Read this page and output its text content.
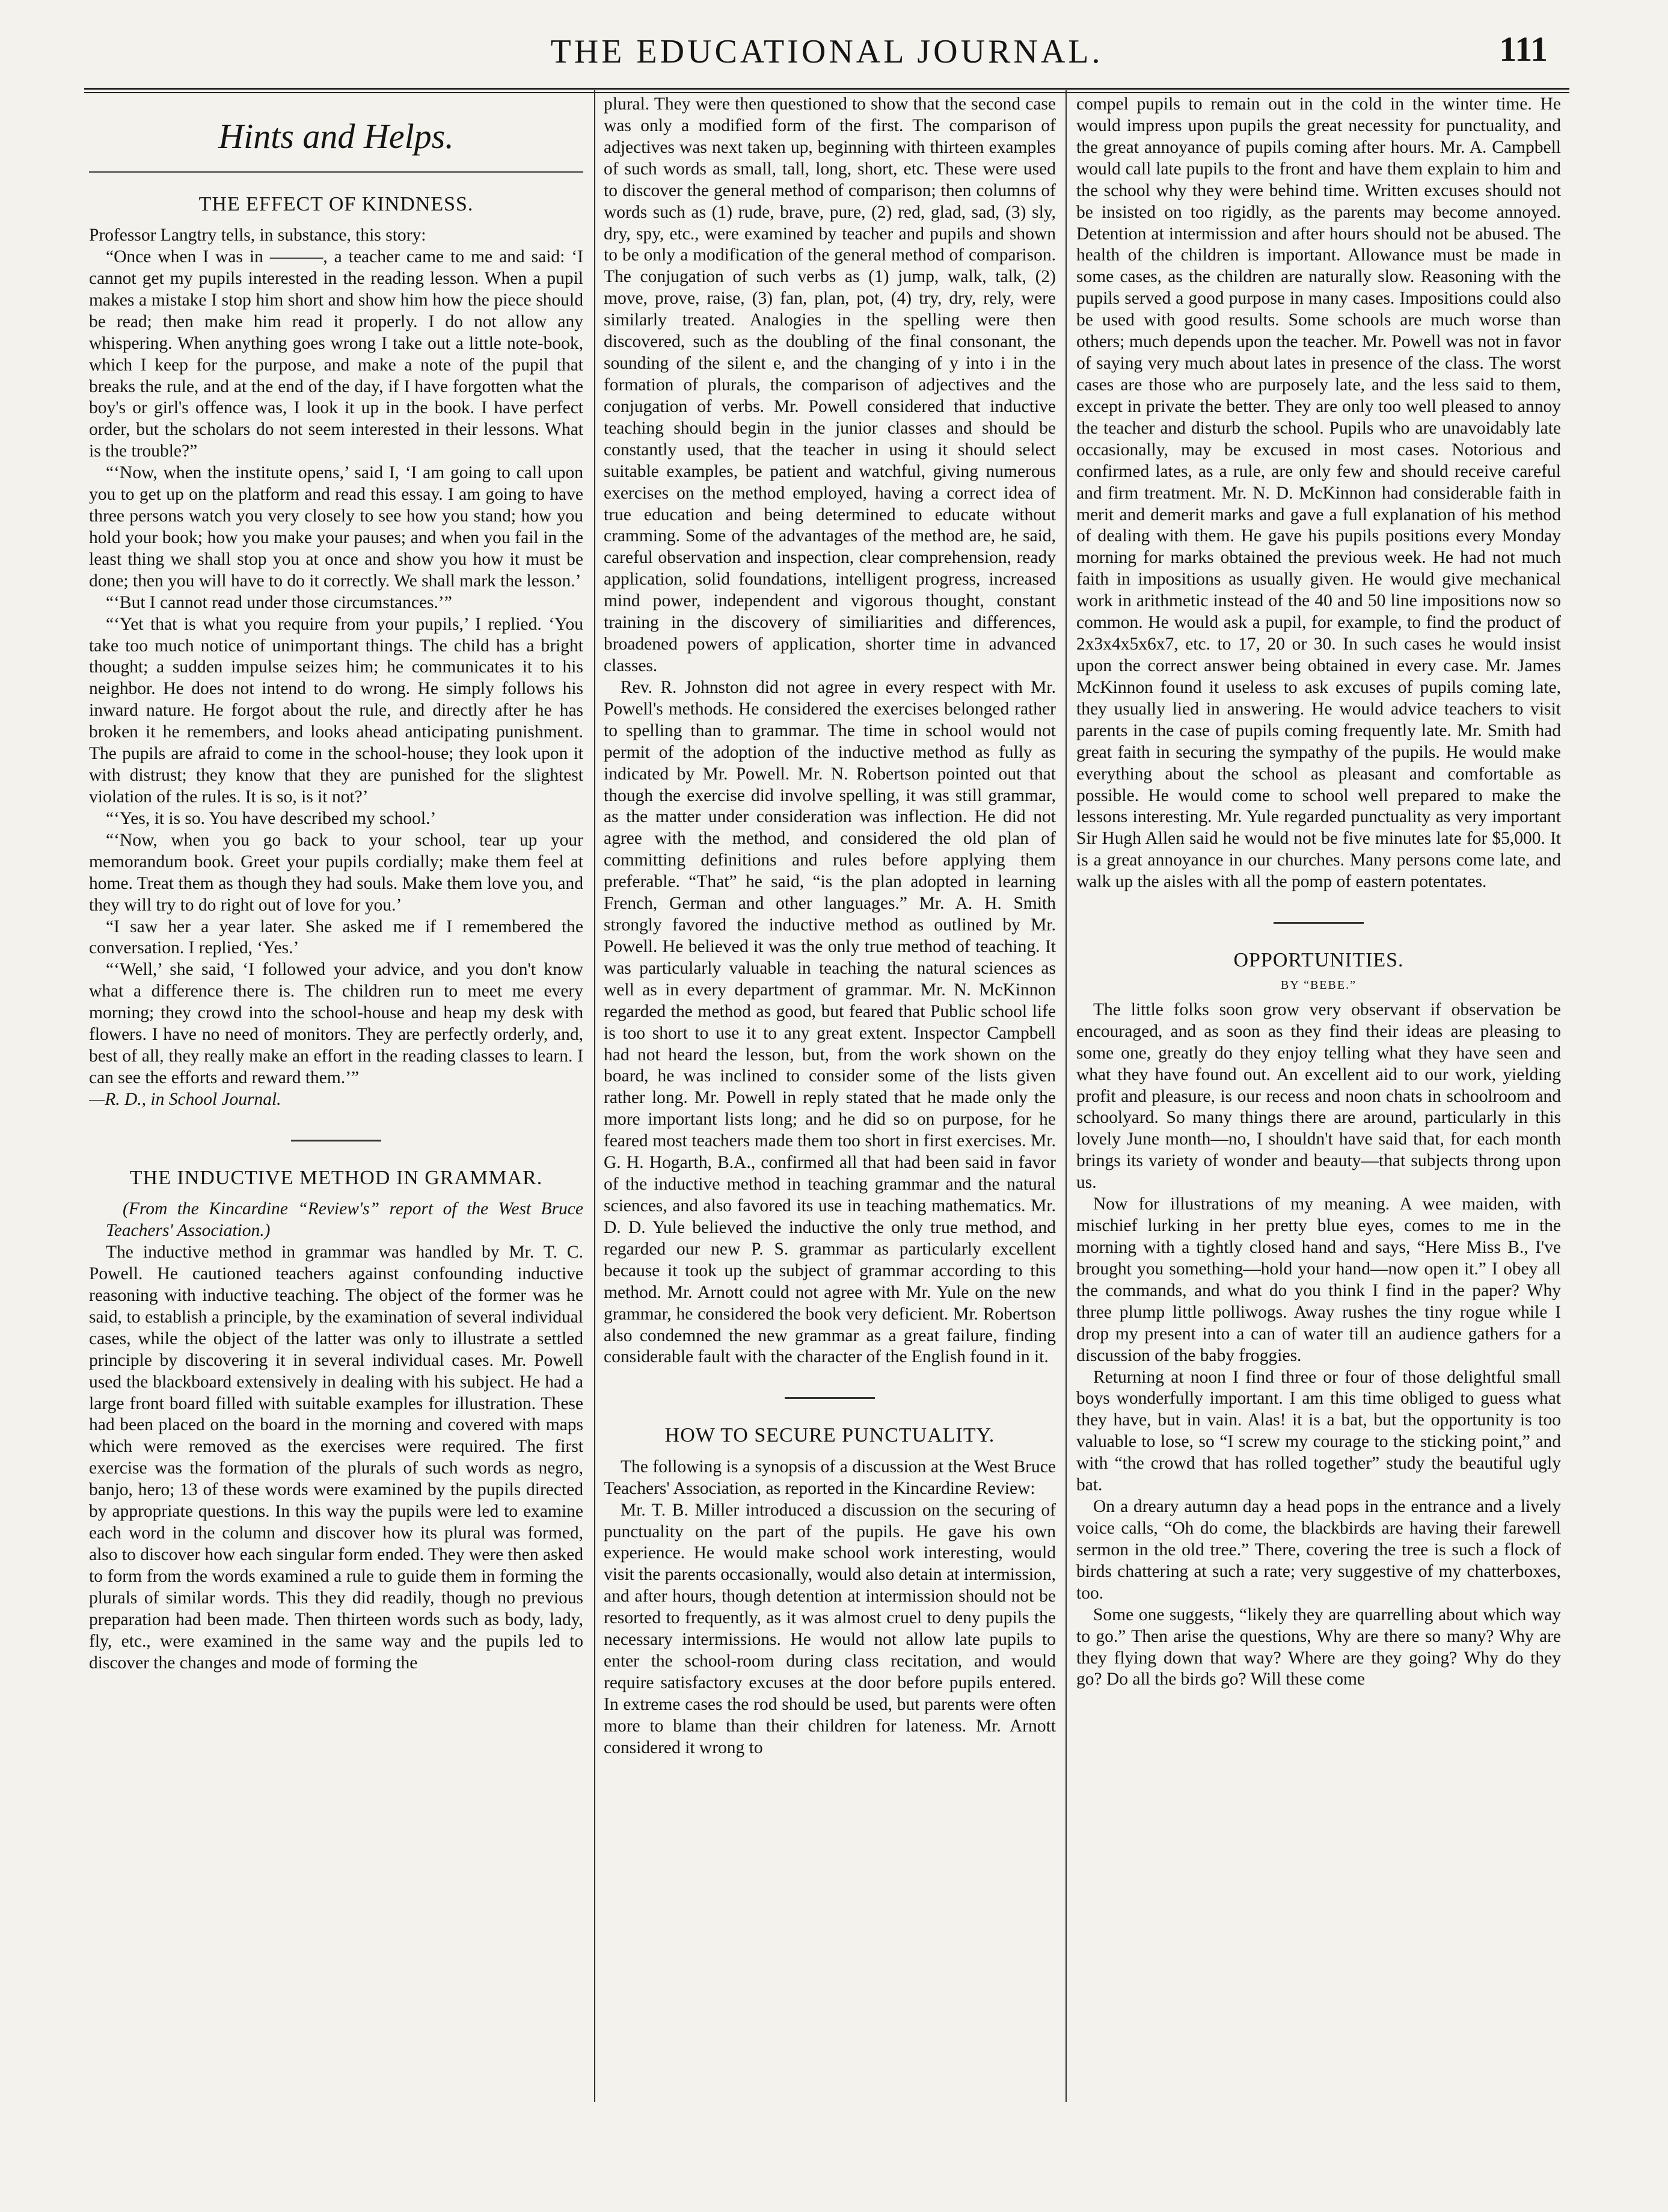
THE EDUCATIONAL JOURNAL.	111
Hints and Helps.
THE EFFECT OF KINDNESS.

Professor Langtry tells, in substance, this story:

“Once when I was in ———, a teacher came to me and said: ‘I cannot get my pupils interested in the reading lesson. When a pupil makes a mistake I stop him short and show him how the piece should be read; then make him read it properly. I do not allow any whispering. When anything goes wrong I take out a little note-book, which I keep for the purpose, and make a note of the pupil that breaks the rule, and at the end of the day, if I have forgotten what the boy's or girl's offence was, I look it up in the book. I have perfect order, but the scholars do not seem interested in their lessons. What is the trouble?”

“‘Now, when the institute opens,’ said I, ‘I am going to call upon you to get up on the platform and read this essay. I am going to have three persons watch you very closely to see how you stand; how you hold your book; how you make your pauses; and when you fail in the least thing we shall stop you at once and show you how it must be done; then you will have to do it correctly. We shall mark the lesson.’

“‘But I cannot read under those circumstances.’”

“‘Yet that is what you require from your pupils,’ I replied. ‘You take too much notice of unimportant things. The child has a bright thought; a sudden impulse seizes him; he communicates it to his neighbor. He does not intend to do wrong. He simply follows his inward nature. He forgot about the rule, and directly after he has broken it he remembers, and looks ahead anticipating punishment. The pupils are afraid to come in the school-house; they look upon it with distrust; they know that they are punished for the slightest violation of the rules. It is so, is it not?’

“‘Yes, it is so. You have described my school.’

“‘Now, when you go back to your school, tear up your memorandum book. Greet your pupils cordially; make them feel at home. Treat them as though they had souls. Make them love you, and they will try to do right out of love for you.’

“I saw her a year later. She asked me if I remembered the conversation. I replied, ‘Yes.’

“‘Well,’ she said, ‘I followed your advice, and you don't know what a difference there is. The children run to meet me every morning; they crowd into the school-house and heap my desk with flowers. I have no need of monitors. They are perfectly orderly, and, best of all, they really make an effort in the reading classes to learn. I can see the efforts and reward them.’”

—R. D., in School Journal.

THE INDUCTIVE METHOD IN GRAMMAR.

(From the Kincardine “Review's” report of the West Bruce Teachers' Association.)

The inductive method in grammar was handled by Mr. T. C. Powell. He cautioned teachers against confounding inductive reasoning with inductive teaching. The object of the former was he said, to establish a principle, by the examination of several individual cases, while the object of the latter was only to illustrate a settled principle by discovering it in several individual cases. Mr. Powell used the blackboard extensively in dealing with his subject. He had a large front board filled with suitable examples for illustration. These had been placed on the board in the morning and covered with maps which were removed as the exercises were required. The first exercise was the formation of the plurals of such words as negro, banjo, hero; 13 of these words were examined by the pupils directed by appropriate questions. In this way the pupils were led to examine each word in the column and discover how its plural was formed, also to discover how each singular form ended. They were then asked to form from the words examined a rule to guide them in forming the plurals of similar words. This they did readily, though no previous preparation had been made. Then thirteen words such as body, lady, fly, etc., were examined in the same way and the pupils led to discover the changes and mode of forming the

plural. They were then questioned to show that the second case was only a modified form of the first. The comparison of adjectives was next taken up, beginning with thirteen examples of such words as small, tall, long, short, etc. These were used to discover the general method of comparison; then columns of words such as (1) rude, brave, pure, (2) red, glad, sad, (3) sly, dry, spy, etc., were examined by teacher and pupils and shown to be only a modification of the general method of comparison. The conjugation of such verbs as (1) jump, walk, talk, (2) move, prove, raise, (3) fan, plan, pot, (4) try, dry, rely, were similarly treated. Analogies in the spelling were then discovered, such as the doubling of the final consonant, the sounding of the silent e, and the changing of y into i in the formation of plurals, the comparison of adjectives and the conjugation of verbs. Mr. Powell considered that inductive teaching should begin in the junior classes and should be constantly used, that the teacher in using it should select suitable examples, be patient and watchful, giving numerous exercises on the method employed, having a correct idea of true education and being determined to educate without cramming. Some of the advantages of the method are, he said, careful observation and inspection, clear comprehension, ready application, solid foundations, intelligent progress, increased mind power, independent and vigorous thought, constant training in the discovery of similiarities and differences, broadened powers of application, shorter time in advanced classes.

Rev. R. Johnston did not agree in every respect with Mr. Powell's methods. He considered the exercises belonged rather to spelling than to grammar. The time in school would not permit of the adoption of the inductive method as fully as indicated by Mr. Powell. Mr. N. Robertson pointed out that though the exercise did involve spelling, it was still grammar, as the matter under consideration was inflection. He did not agree with the method, and considered the old plan of committing definitions and rules before applying them preferable. “That” he said, “is the plan adopted in learning French, German and other languages.” Mr. A. H. Smith strongly favored the inductive method as outlined by Mr. Powell. He believed it was the only true method of teaching. It was particularly valuable in teaching the natural sciences as well as in every department of grammar. Mr. N. McKinnon regarded the method as good, but feared that Public school life is too short to use it to any great extent. Inspector Campbell had not heard the lesson, but, from the work shown on the board, he was inclined to consider some of the lists given rather long. Mr. Powell in reply stated that he made only the more important lists long; and he did so on purpose, for he feared most teachers made them too short in first exercises. Mr. G. H. Hogarth, B.A., confirmed all that had been said in favor of the inductive method in teaching grammar and the natural sciences, and also favored its use in teaching mathematics. Mr. D. D. Yule believed the inductive the only true method, and regarded our new P. S. grammar as particularly excellent because it took up the subject of grammar according to this method. Mr. Arnott could not agree with Mr. Yule on the new grammar, he considered the book very deficient. Mr. Robertson also condemned the new grammar as a great failure, finding considerable fault with the character of the English found in it.

HOW TO SECURE PUNCTUALITY.

The following is a synopsis of a discussion at the West Bruce Teachers' Association, as reported in the Kincardine Review:

Mr. T. B. Miller introduced a discussion on the securing of punctuality on the part of the pupils. He gave his own experience. He would make school work interesting, would visit the parents occasionally, would also detain at intermission, and after hours, though detention at intermission should not be resorted to frequently, as it was almost cruel to deny pupils the necessary intermissions. He would not allow late pupils to enter the school-room during class recitation, and would require satisfactory excuses at the door before pupils entered. In extreme cases the rod should be used, but parents were often more to blame than their children for lateness. Mr. Arnott considered it wrong to

compel pupils to remain out in the cold in the winter time. He would impress upon pupils the great necessity for punctuality, and the great annoyance of pupils coming after hours. Mr. A. Campbell would call late pupils to the front and have them explain to him and the school why they were behind time. Written excuses should not be insisted on too rigidly, as the parents may become annoyed. Detention at intermission and after hours should not be abused. The health of the children is important. Allowance must be made in some cases, as the children are naturally slow. Reasoning with the pupils served a good purpose in many cases. Impositions could also be used with good results. Some schools are much worse than others; much depends upon the teacher. Mr. Powell was not in favor of saying very much about lates in presence of the class. The worst cases are those who are purposely late, and the less said to them, except in private the better. They are only too well pleased to annoy the teacher and disturb the school. Pupils who are unavoidably late occasionally, may be excused in most cases. Notorious and confirmed lates, as a rule, are only few and should receive careful and firm treatment. Mr. N. D. McKinnon had considerable faith in merit and demerit marks and gave a full explanation of his method of dealing with them. He gave his pupils positions every Monday morning for marks obtained the previous week. He had not much faith in impositions as usually given. He would give mechanical work in arithmetic instead of the 40 and 50 line impositions now so common. He would ask a pupil, for example, to find the product of 2x3x4x5x6x7, etc. to 17, 20 or 30. In such cases he would insist upon the correct answer being obtained in every case. Mr. James McKinnon found it useless to ask excuses of pupils coming late, they usually lied in answering. He would advice teachers to visit parents in the case of pupils coming frequently late. Mr. Smith had great faith in securing the sympathy of the pupils. He would make everything about the school as pleasant and comfortable as possible. He would come to school well prepared to make the lessons interesting. Mr. Yule regarded punctuality as very important Sir Hugh Allen said he would not be five minutes late for $5,000. It is a great annoyance in our churches. Many persons come late, and walk up the aisles with all the pomp of eastern potentates.

OPPORTUNITIES.
BY “BEBE.”

The little folks soon grow very observant if observation be encouraged, and as soon as they find their ideas are pleasing to some one, greatly do they enjoy telling what they have seen and what they have found out. An excellent aid to our work, yielding profit and pleasure, is our recess and noon chats in schoolroom and schoolyard. So many things there are around, particularly in this lovely June month—no, I shouldn't have said that, for each month brings its variety of wonder and beauty—that subjects throng upon us.

Now for illustrations of my meaning. A wee maiden, with mischief lurking in her pretty blue eyes, comes to me in the morning with a tightly closed hand and says, “Here Miss B., I've brought you something—hold your hand—now open it.” I obey all the commands, and what do you think I find in the paper? Why three plump little polliwogs. Away rushes the tiny rogue while I drop my present into a can of water till an audience gathers for a discussion of the baby froggies.

Returning at noon I find three or four of those delightful small boys wonderfully important. I am this time obliged to guess what they have, but in vain. Alas! it is a bat, but the opportunity is too valuable to lose, so “I screw my courage to the sticking point,” and with “the crowd that has rolled together” study the beautiful ugly bat.

On a dreary autumn day a head pops in the entrance and a lively voice calls, “Oh do come, the blackbirds are having their farewell sermon in the old tree.” There, covering the tree is such a flock of birds chattering at such a rate; very suggestive of my chatterboxes, too.

Some one suggests, “likely they are quarrelling about which way to go.” Then arise the questions, Why are there so many? Why are they flying down that way? Where are they going? Why do they go? Do all the birds go? Will these come
